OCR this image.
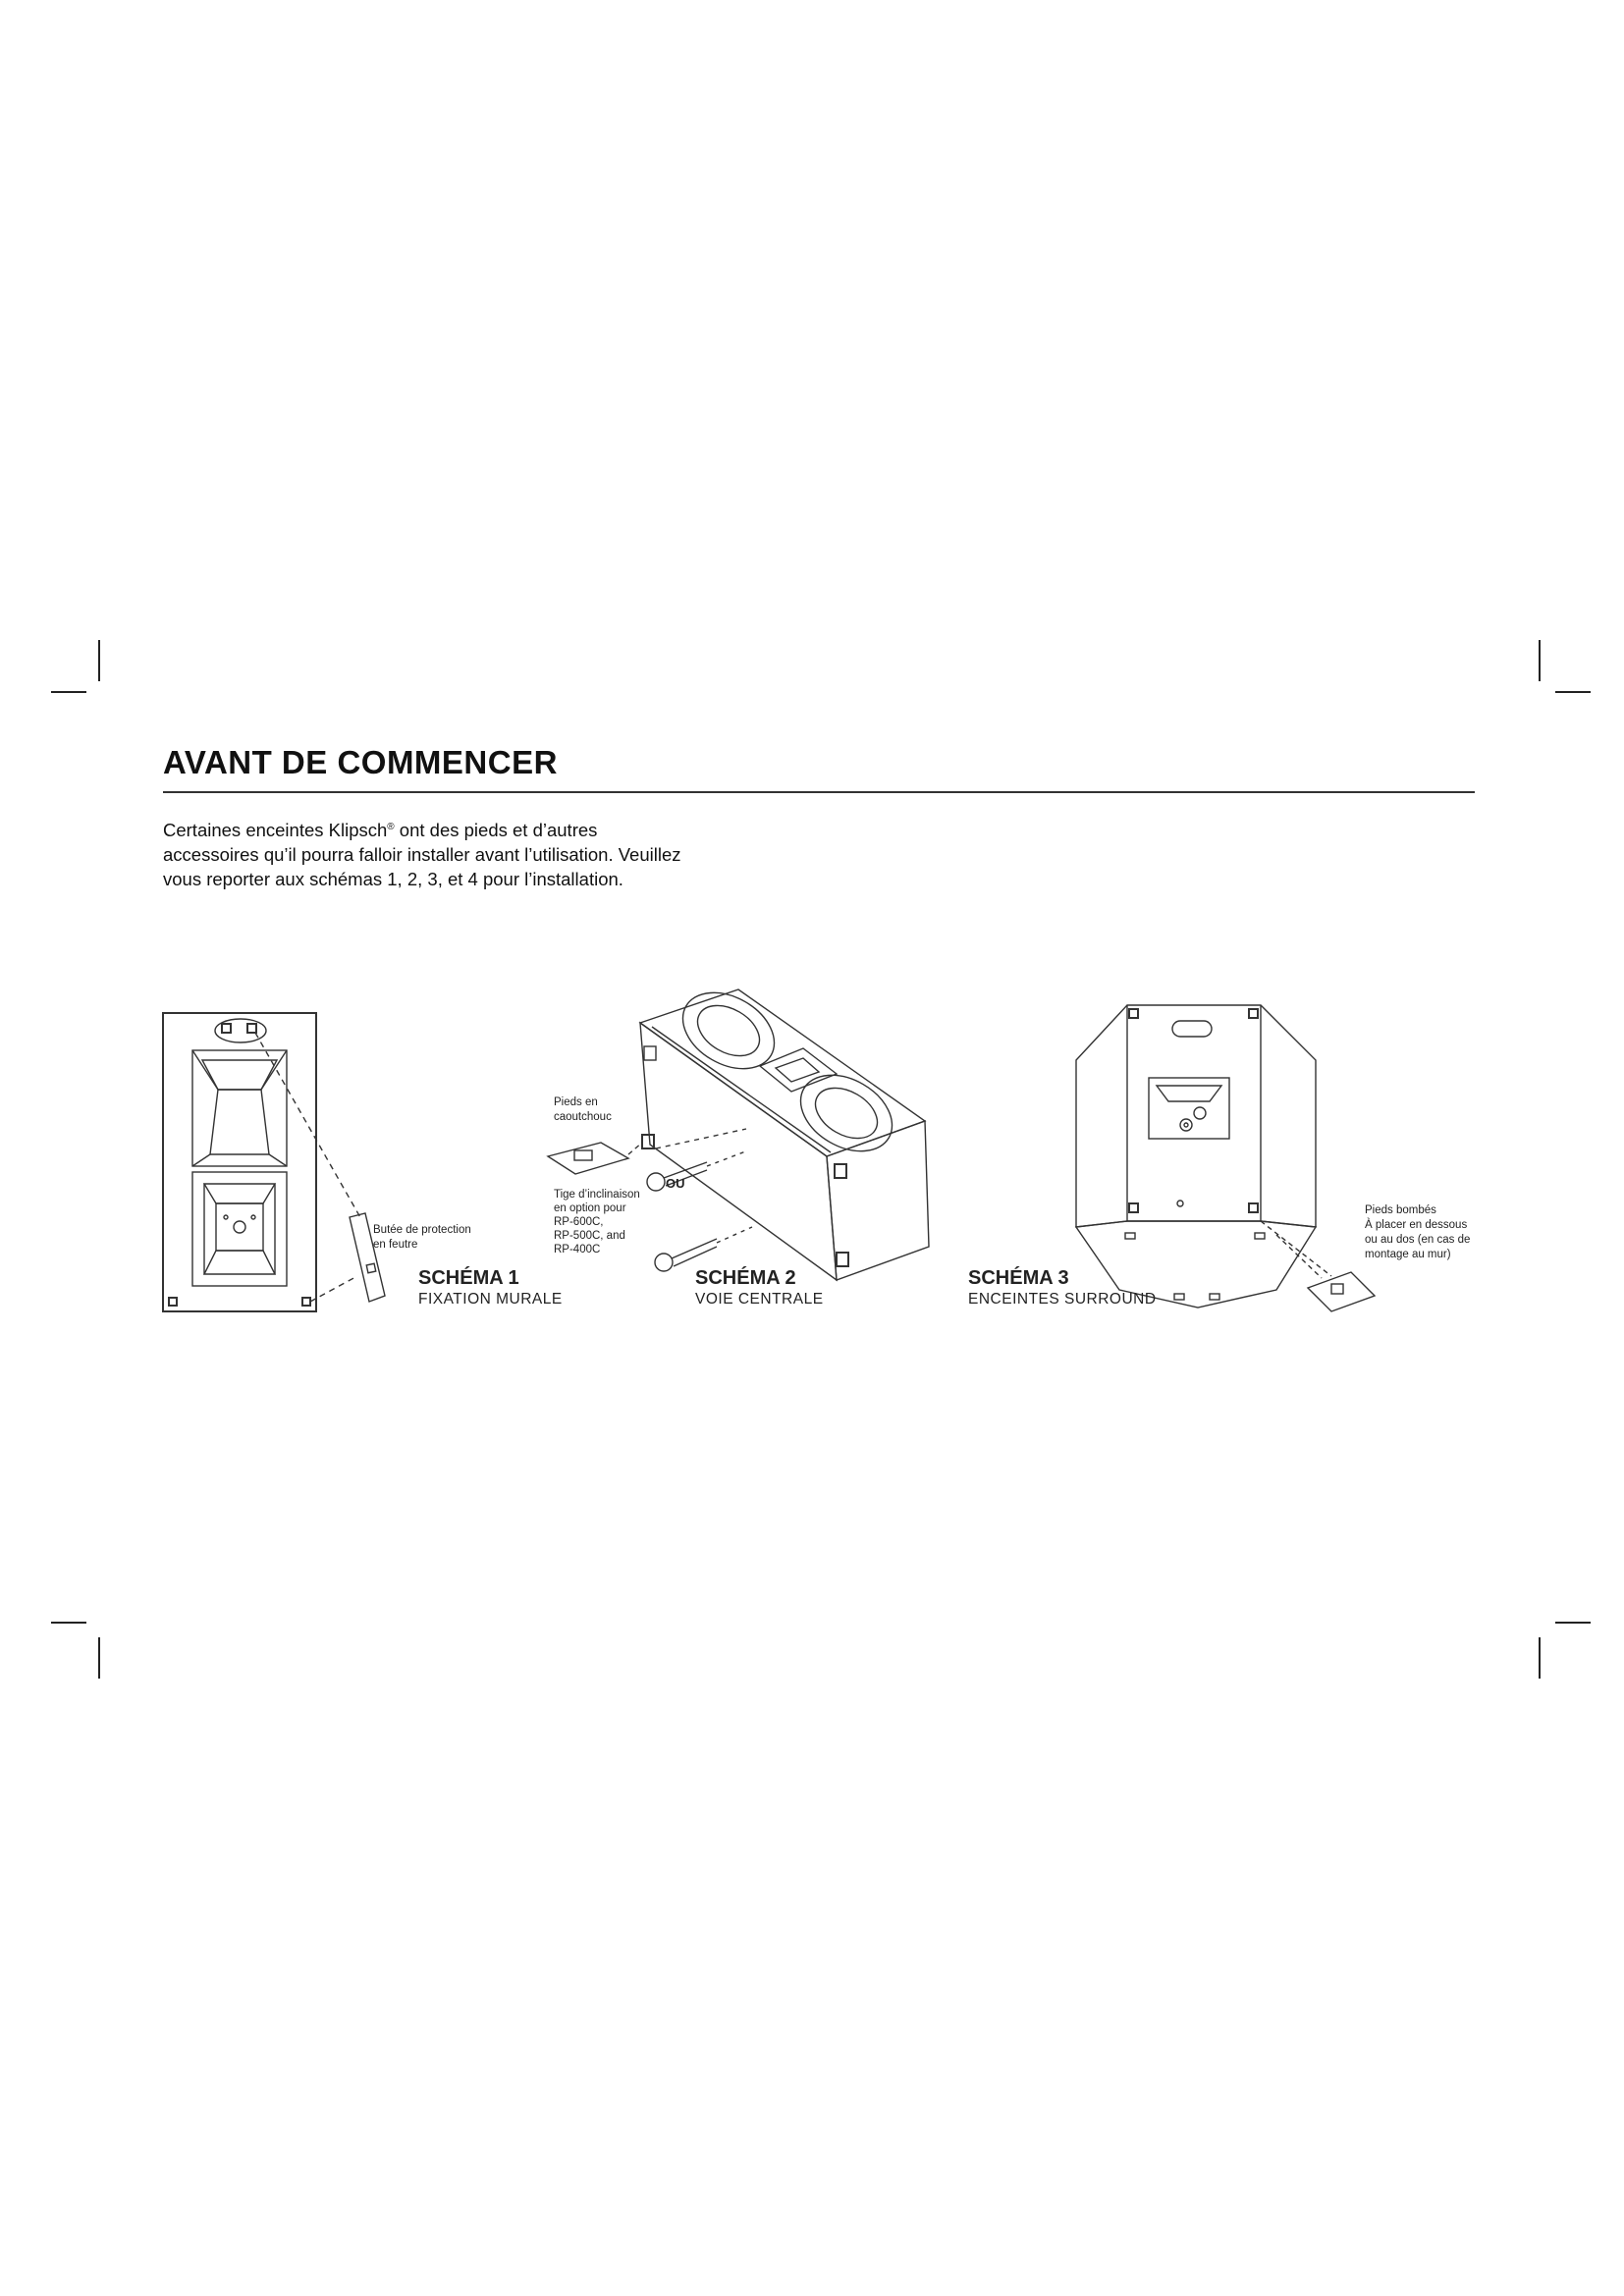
AVANT DE COMMENCER

Certaines enceintes Klipsch® ont des pieds et d’autres accessoires qu’il pourra falloir installer avant l’utilisation. Veuillez vous reporter aux schémas 1, 2, 3, et 4 pour l’installation.

Butée de protection
en feutre
SCHÉMA 1
FIXATION MURALE
Pieds en
caoutchouc
OU
Tige d’inclinaison
en option pour
RP-600C,
RP-500C, and
RP-400C
SCHÉMA 2
VOIE CENTRALE
Pieds bombés
À placer en dessous
ou au dos (en cas de
montage au mur)
SCHÉMA 3
ENCEINTES SURROUND
